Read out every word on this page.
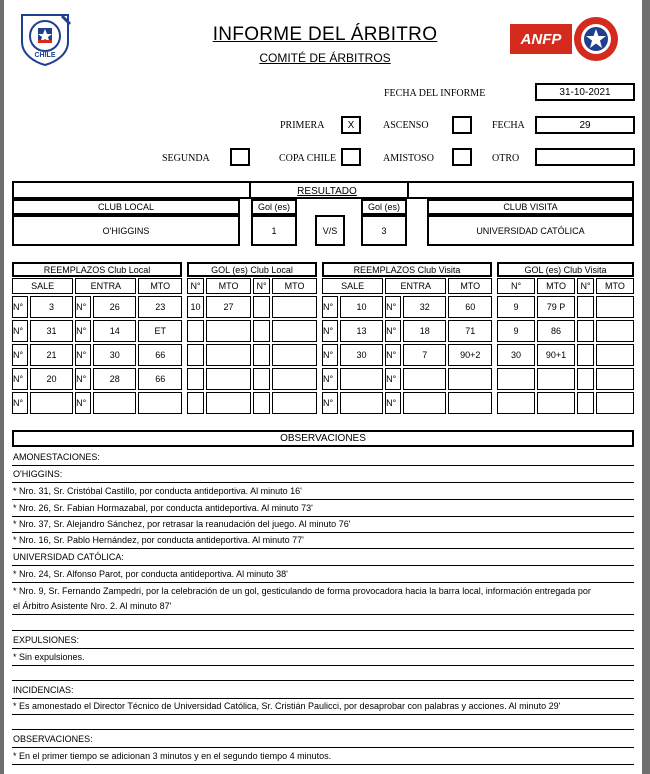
CHILE
INFORME DEL ÁRBITRO
COMITÉ DE ÁRBITROS
ANFP
FECHA DEL INFORME	31-10-2021
PRIMERA	X	ASCENSO	FECHA	29
SEGUNDA	COPA CHILE	AMISTOSO	OTRO
RESULTADO
CLUB LOCAL	Gol (es)	Gol (es)	CLUB VISITA
O'HIGGINS	1	V/S	3	UNIVERSIDAD CATÓLICA
REEMPLAZOS Club Local	GOL (es) Club Local	REEMPLAZOS Club Visita	GOL (es) Club Visita
SALE		ENTRA		MTO
N°	3	N°	26	23
N°	31	N°	14	ET
N°	21	N°	30	66
N°	20	N°	28	66
N°		N°		
N°	MTO	N°	MTO
10	27		

SALE		ENTRA		MTO
N°	10	N°	32	60
N°	13	N°	18	71
N°	30	N°	7	90+2
N°		N°		
N°		N°		
N°	MTO	N°	MTO
9	79 P		
9	86		
30	90+1		

OBSERVACIONES
AMONESTACIONES:
O'HIGGINS:
* Nro. 31, Sr. Cristóbal Castillo, por conducta antideportiva. Al minuto 16'
* Nro. 26, Sr. Fabian Hormazabal, por conducta antideportiva. Al minuto 73'
* Nro. 37, Sr. Alejandro Sánchez, por retrasar la reanudación del juego. Al minuto 76'
* Nro. 16, Sr. Pablo Hernández, por conducta antideportiva. Al minuto 77'
UNIVERSIDAD CATÓLICA:
* Nro. 24, Sr. Alfonso Parot, por conducta antideportiva. Al minuto 38'
* Nro. 9, Sr. Fernando Zampedri, por la celebración de un gol, gesticulando de forma provocadora hacia la barra local, información entregada por
el Árbitro Asistente Nro. 2. Al minuto 87'
EXPULSIONES:
* Sin expulsiones.
INCIDENCIAS:
* Es amonestado el Director Técnico de Universidad Católica, Sr. Cristián Paulicci, por desaprobar con palabras y acciones. Al minuto 29'
OBSERVACIONES:
* En el primer tiempo se adicionan 3 minutos y en el segundo tiempo 4 minutos.
